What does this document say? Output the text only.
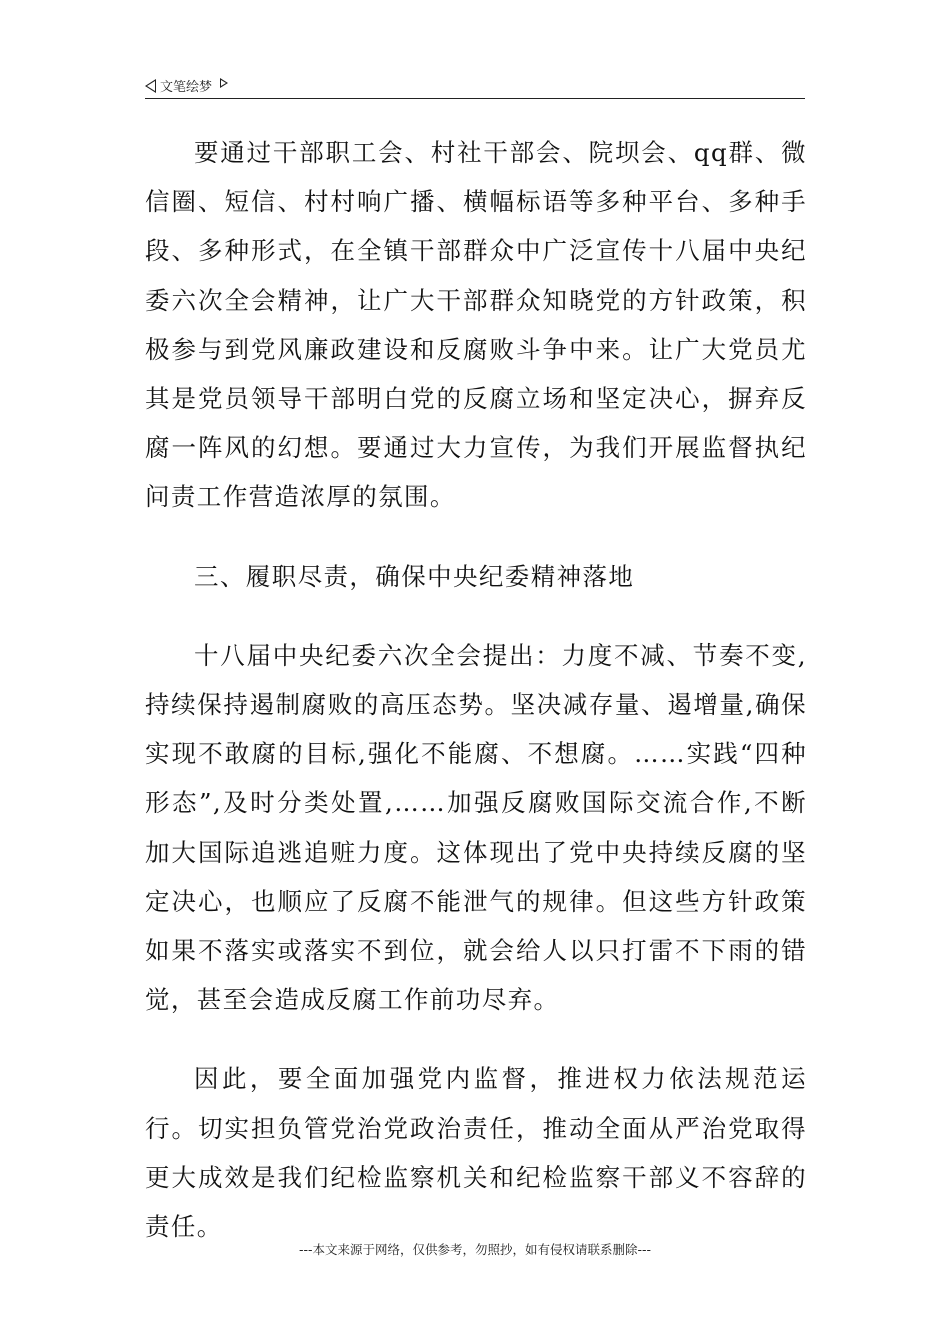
文笔绘梦

要通过干部职工会、村社干部会、院坝会、qq群、微信圈、短信、村村响广播、横幅标语等多种平台、多种手段、多种形式，在全镇干部群众中广泛宣传十八届中央纪委六次全会精神，让广大干部群众知晓党的方针政策，积极参与到党风廉政建设和反腐败斗争中来。让广大党员尤其是党员领导干部明白党的反腐立场和坚定决心，摒弃反腐一阵风的幻想。要通过大力宣传，为我们开展监督执纪问责工作营造浓厚的氛围。

三、履职尽责，确保中央纪委精神落地

十八届中央纪委六次全会提出：力度不减、节奏不变,持续保持遏制腐败的高压态势。坚决减存量、遏增量,确保实现不敢腐的目标,强化不能腐、不想腐。……实践“四种形态”,及时分类处置,……加强反腐败国际交流合作,不断加大国际追逃追赃力度。这体现出了党中央持续反腐的坚定决心，也顺应了反腐不能泄气的规律。但这些方针政策如果不落实或落实不到位，就会给人以只打雷不下雨的错觉，甚至会造成反腐工作前功尽弃。

因此，要全面加强党内监督，推进权力依法规范运行。切实担负管党治党政治责任，推动全面从严治党取得更大成效是我们纪检监察机关和纪检监察干部义不容辞的责任。

---本文来源于网络，仅供参考，勿照抄，如有侵权请联系删除---
